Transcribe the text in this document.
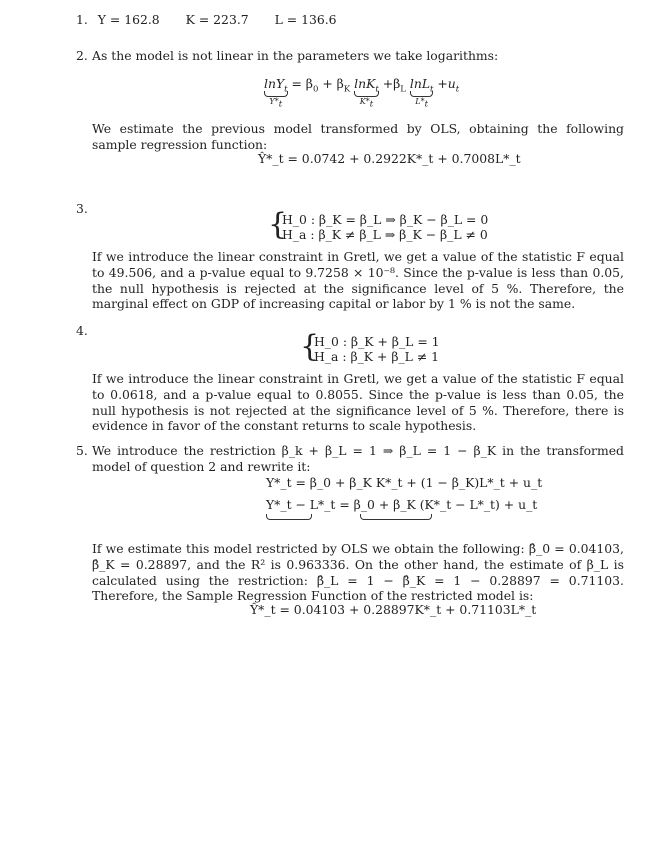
1. Y = 162.8 K = 223.7 L = 136.6
2. As the model is not linear in the parameters we take logarithms:
lnY$_t$
$Y*_t$
= $\beta_0 + \beta_K$ lnK$_t$
$K*_t$
$+\beta_L$ lnL$_t$
$L*_t$
$+u_t$
We estimate the previous model transformed by OLS, obtaining the following sample regression function:
Ŷ*_t = 0.0742 + 0.2922K*_t + 0.7008L*_t
3.	{
H_0 : β_K = β_L ⇒ β_K − β_L = 0
H_a : β_K ≠ β_L ⇒ β_K − β_L ≠ 0
If we introduce the linear constraint in Gretl, we get a value of the statistic F equal to 49.506, and a p-value equal to 9.7258 × 10⁻⁸. Since the p-value is less than 0.05, the null hypothesis is rejected at the significance level of 5 %. Therefore, the marginal effect on GDP of increasing capital or labor by 1 % is not the same.
4.	{
H_0 : β_K + β_L = 1
H_a : β_K + β_L ≠ 1
If we introduce the linear constraint in Gretl, we get a value of the statistic F equal to 0.0618, and a p-value equal to 0.8055. Since the p-value is less than 0.05, the null hypothesis is not rejected at the significance level of 5 %. Therefore, there is evidence in favor of the constant returns to scale hypothesis.
5. We introduce the restriction β_k + β_L = 1 ⇒ β_L = 1 − β_K in the transformed model of question 2 and rewrite it:
Y*_t = β_0 + β_K K*_t + (1 − β_K)L*_t + u_t
Y*_t − L*_t = β_0 + β_K (K*_t − L*_t) + u_t
If we estimate this model restricted by OLS we obtain the following: β̂_0 = 0.04103, β̂_K = 0.28897, and the R² is 0.963336. On the other hand, the estimate of β_L is calculated using the restriction: β̂_L = 1 − β̂_K = 1 − 0.28897 = 0.71103. Therefore, the Sample Regression Function of the restricted model is:
Ŷ*_t = 0.04103 + 0.28897K*_t + 0.71103L*_t
